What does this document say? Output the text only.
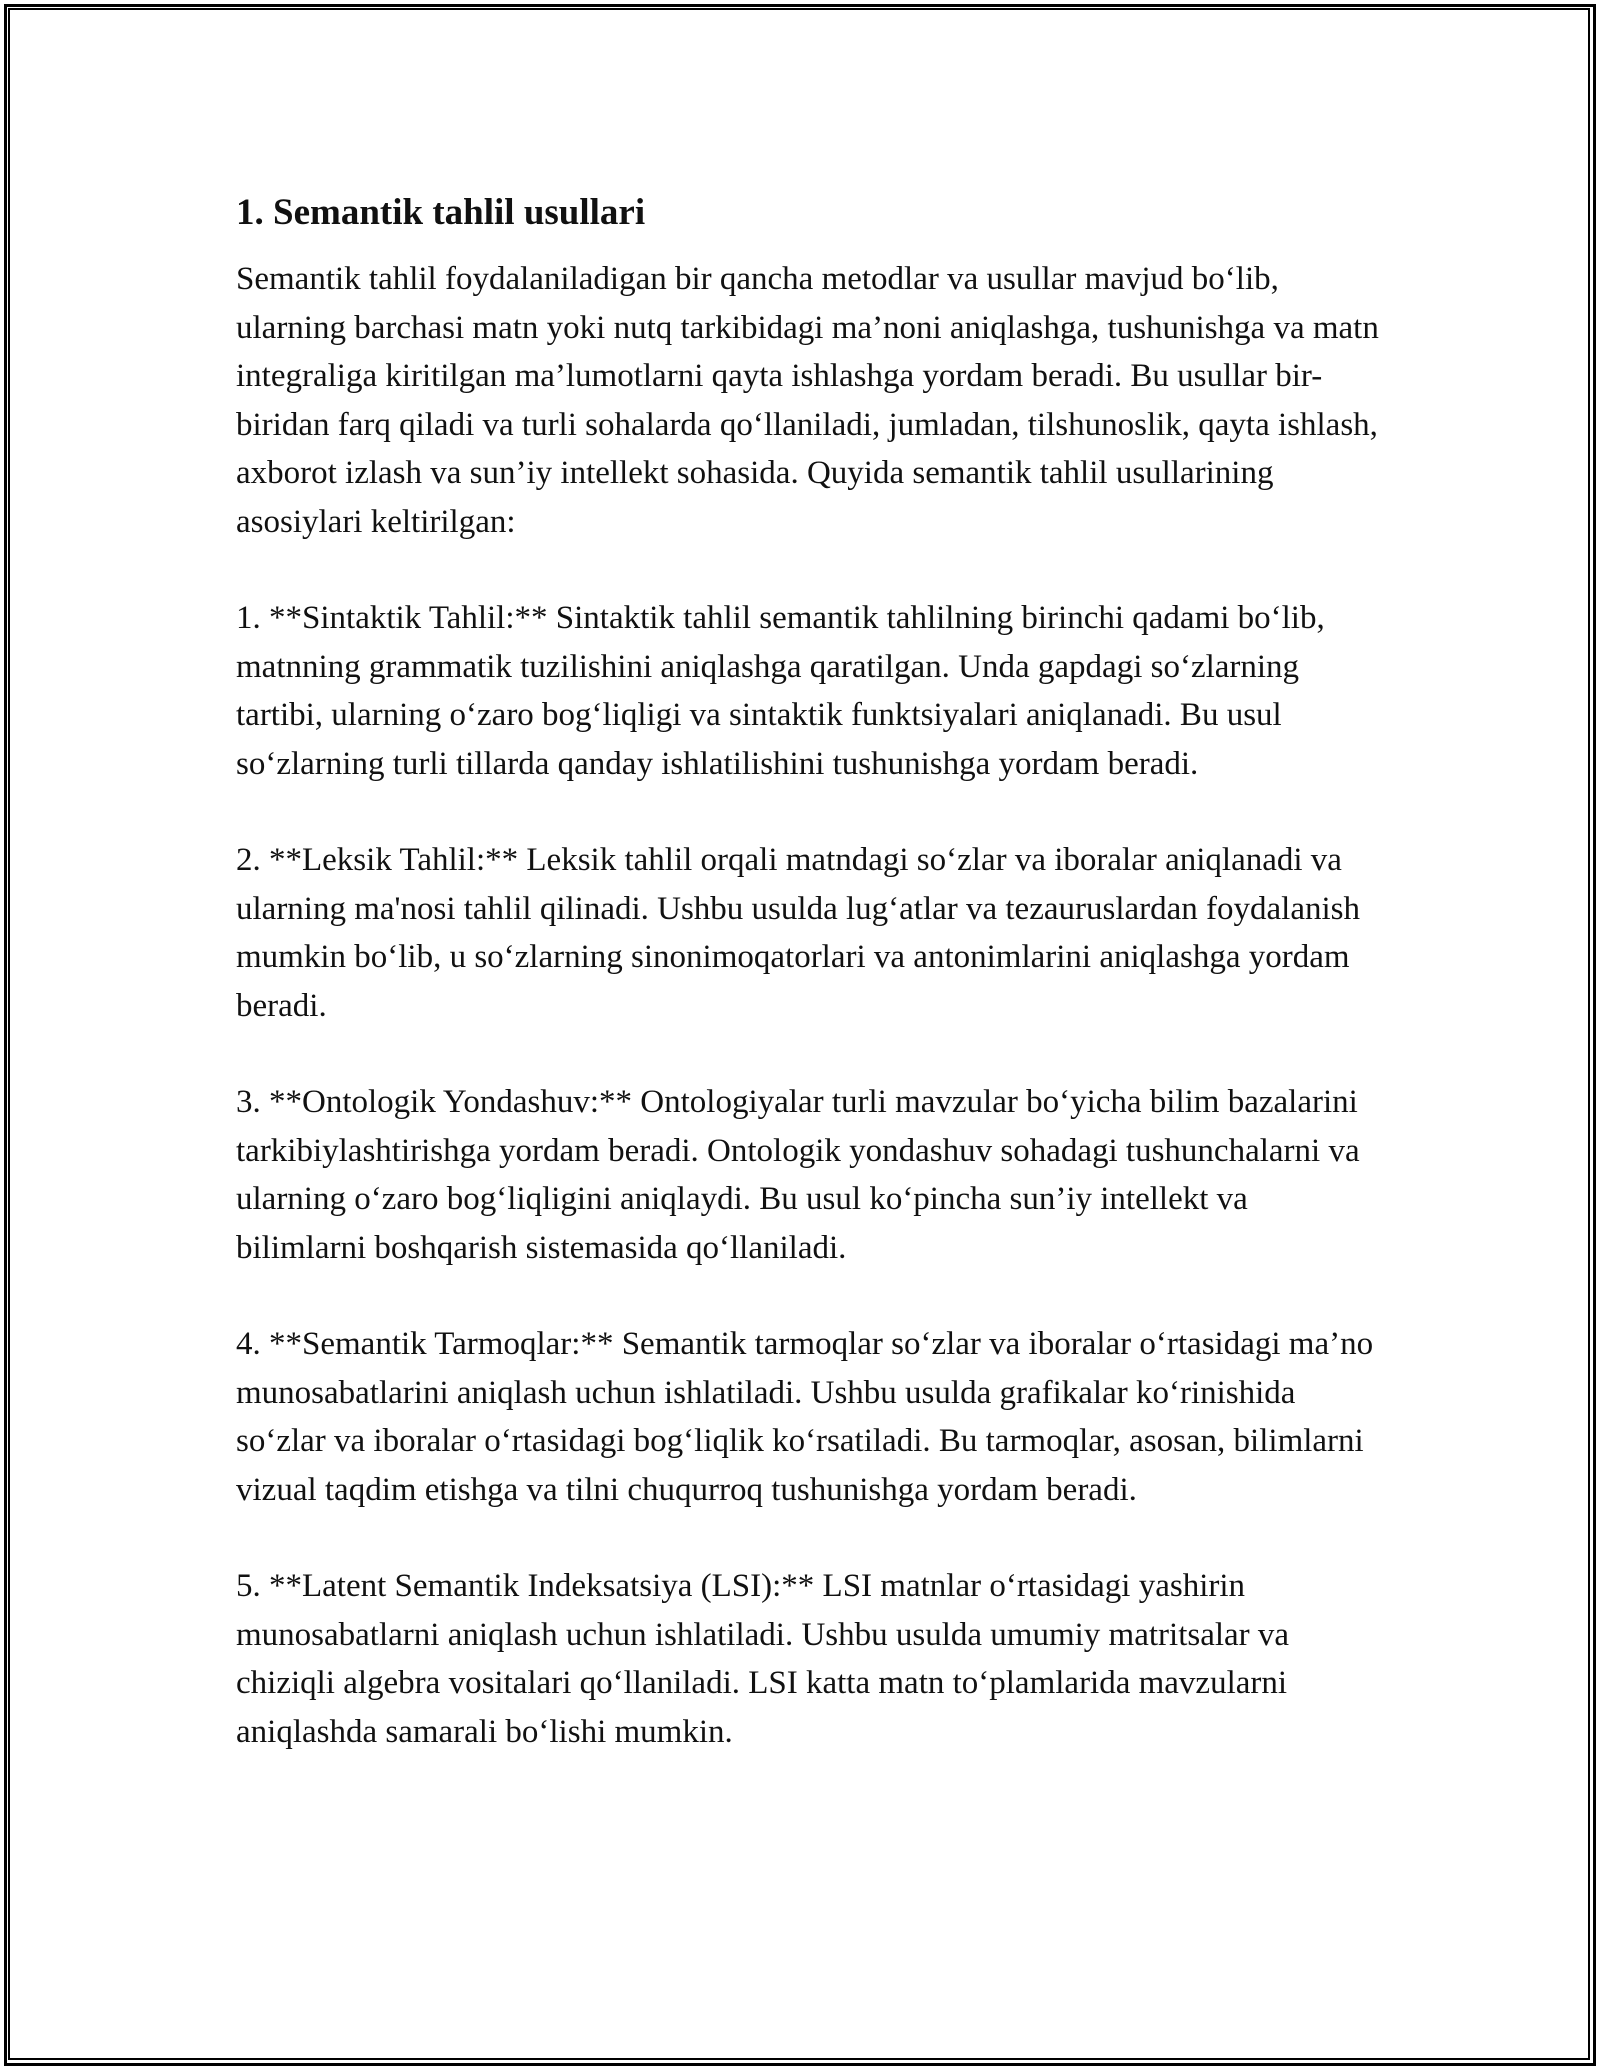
1. Semantik tahlil usullari

Semantik tahlil foydalaniladigan bir qancha metodlar va usullar mavjud bo‘lib, ularning barchasi matn yoki nutq tarkibidagi ma’noni aniqlashga, tushunishga va matn integraliga kiritilgan ma’lumotlarni qayta ishlashga yordam beradi. Bu usullar bir-biridan farq qiladi va turli sohalarda qo‘llaniladi, jumladan, tilshunoslik, qayta ishlash, axborot izlash va sun’iy intellekt sohasida. Quyida semantik tahlil usullarining asosiylari keltirilgan:

1. **Sintaktik Tahlil:** Sintaktik tahlil semantik tahlilning birinchi qadami bo‘lib, matnning grammatik tuzilishini aniqlashga qaratilgan. Unda gapdagi so‘zlarning tartibi, ularning o‘zaro bog‘liqligi va sintaktik funktsiyalari aniqlanadi. Bu usul so‘zlarning turli tillarda qanday ishlatilishini tushunishga yordam beradi.

2. **Leksik Tahlil:** Leksik tahlil orqali matndagi so‘zlar va iboralar aniqlanadi va ularning ma'nosi tahlil qilinadi. Ushbu usulda lug‘atlar va tezauruslardan foydalanish mumkin bo‘lib, u so‘zlarning sinonimoqatorlari va antonimlarini aniqlashga yordam beradi.

3. **Ontologik Yondashuv:** Ontologiyalar turli mavzular bo‘yicha bilim bazalarini tarkibiylashtirishga yordam beradi. Ontologik yondashuv sohadagi tushunchalarni va ularning o‘zaro bog‘liqligini aniqlaydi. Bu usul ko‘pincha sun’iy intellekt va bilimlarni boshqarish sistemasida qo‘llaniladi.

4. **Semantik Tarmoqlar:** Semantik tarmoqlar so‘zlar va iboralar o‘rtasidagi ma’no munosabatlarini aniqlash uchun ishlatiladi. Ushbu usulda grafikalar ko‘rinishida so‘zlar va iboralar o‘rtasidagi bog‘liqlik ko‘rsatiladi. Bu tarmoqlar, asosan, bilimlarni vizual taqdim etishga va tilni chuqurroq tushunishga yordam beradi.

5. **Latent Semantik Indeksatsiya (LSI):** LSI matnlar o‘rtasidagi yashirin munosabatlarni aniqlash uchun ishlatiladi. Ushbu usulda umumiy matritsalar va chiziqli algebra vositalari qo‘llaniladi. LSI katta matn to‘plamlarida mavzularni aniqlashda samarali bo‘lishi mumkin.
